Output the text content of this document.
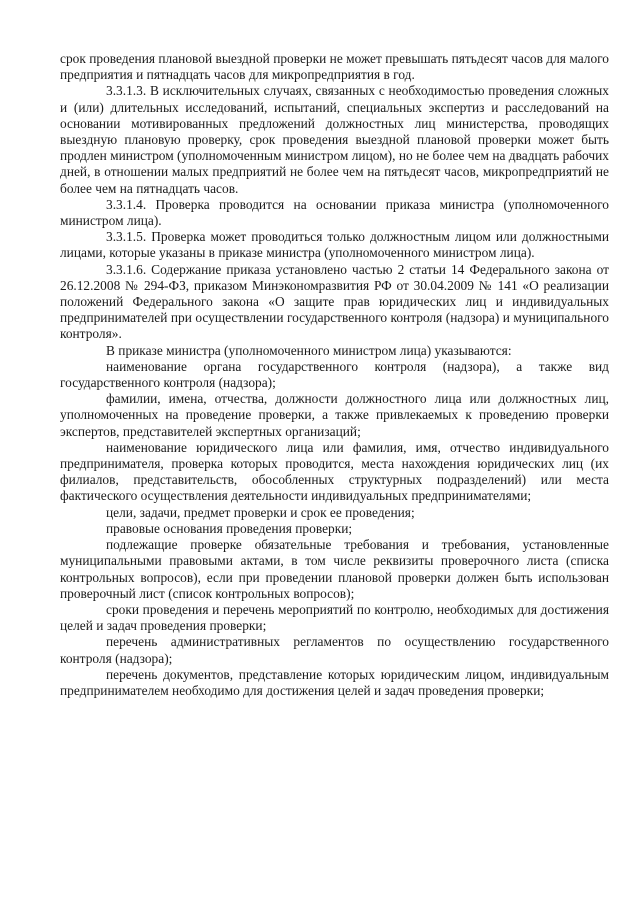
срок проведения плановой выездной проверки не может превышать пятьдесят часов для малого предприятия и пятнадцать часов для микропредприятия в год.

3.3.1.3. В исключительных случаях, связанных с необходимостью проведения сложных и (или) длительных исследований, испытаний, специальных экспертиз и расследований на основании мотивированных предложений должностных лиц министерства, проводящих выездную плановую проверку, срок проведения выездной плановой проверки может быть продлен министром (уполномоченным министром лицом), но не более чем на двадцать рабочих дней, в отношении малых предприятий не более чем на пятьдесят часов, микропредприятий не более чем на пятнадцать часов.

3.3.1.4. Проверка проводится на основании приказа министра (уполномоченного министром лица).

3.3.1.5. Проверка может проводиться только должностным лицом или должностными лицами, которые указаны в приказе министра (уполномоченного министром лица).

3.3.1.6. Содержание приказа установлено частью 2 статьи 14 Федерального закона от 26.12.2008 № 294-ФЗ, приказом Минэкономразвития РФ от 30.04.2009 № 141 «О реализации положений Федерального закона «О защите прав юридических лиц и индивидуальных предпринимателей при осуществлении государственного контроля (надзора) и муниципального контроля».

В приказе министра (уполномоченного министром лица) указываются:

наименование органа государственного контроля (надзора), а также вид государственного контроля (надзора);

фамилии, имена, отчества, должности должностного лица или должностных лиц, уполномоченных на проведение проверки, а также привлекаемых к проведению проверки экспертов, представителей экспертных организаций;

наименование юридического лица или фамилия, имя, отчество индивидуального предпринимателя, проверка которых проводится, места нахождения юридических лиц (их филиалов, представительств, обособленных структурных подразделений) или места фактического осуществления деятельности индивидуальных предпринимателями;

цели, задачи, предмет проверки и срок ее проведения;

правовые основания проведения проверки;

подлежащие проверке обязательные требования и требования, установленные муниципальными правовыми актами, в том числе реквизиты проверочного листа (списка контрольных вопросов), если при проведении плановой проверки должен быть использован проверочный лист (список контрольных вопросов);

сроки проведения и перечень мероприятий по контролю, необходимых для достижения целей и задач проведения проверки;

перечень административных регламентов по осуществлению государственного контроля (надзора);

перечень документов, представление которых юридическим лицом, индивидуальным предпринимателем необходимо для достижения целей и задач проведения проверки;
